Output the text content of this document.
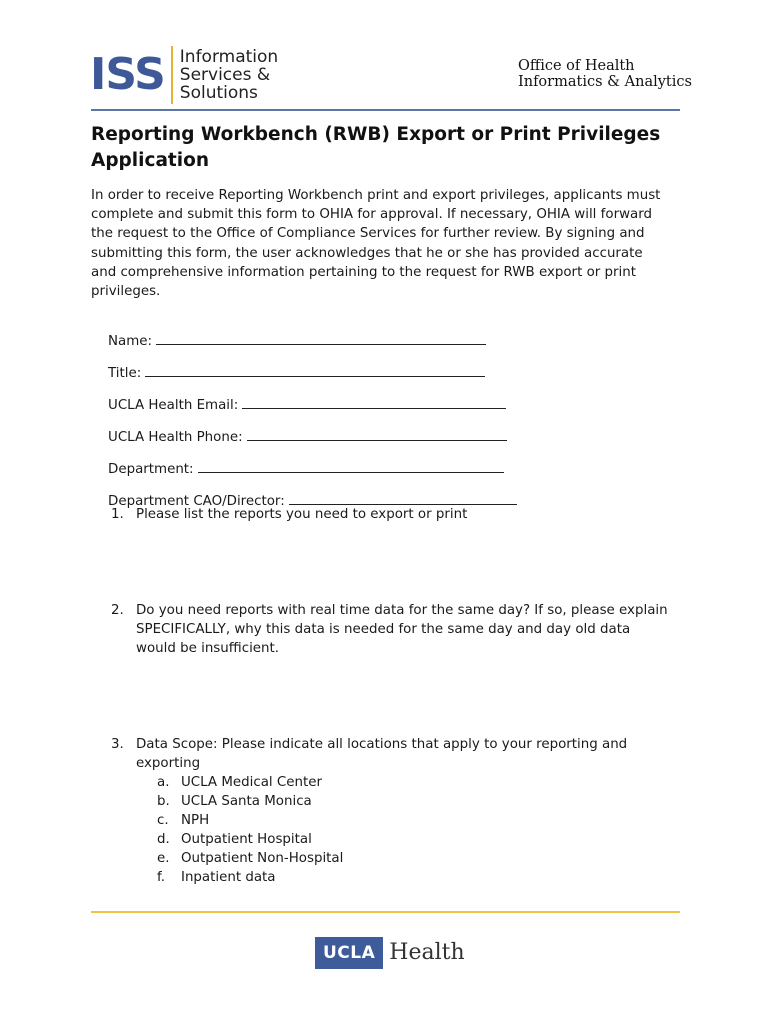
ISS Information
Services &
Solutions
Office of Health
Informatics & Analytics
Reporting Workbench (RWB) Export or Print Privileges Application

In order to receive Reporting Workbench print and export privileges, applicants must complete and submit this form to OHIA for approval. If necessary, OHIA will forward the request to the Office of Compliance Services for further review. By signing and submitting this form, the user acknowledges that he or she has provided accurate and comprehensive information pertaining to the request for RWB export or print privileges.

Name:

Title:

UCLA Health Email:

UCLA Health Phone:

Department:

Department CAO/Director:

1. Please list the reports you need to export or print
2. Do you need reports with real time data for the same day? If so, please explain SPECIFICALLY, why this data is needed for the same day and day old data would be insufficient.
3. Data Scope: Please indicate all locations that apply to your reporting and exporting
a. UCLA Medical Center
b. UCLA Santa Monica
c. NPH
d. Outpatient Hospital
e. Outpatient Non-Hospital
f. Inpatient data
UCLA Health
